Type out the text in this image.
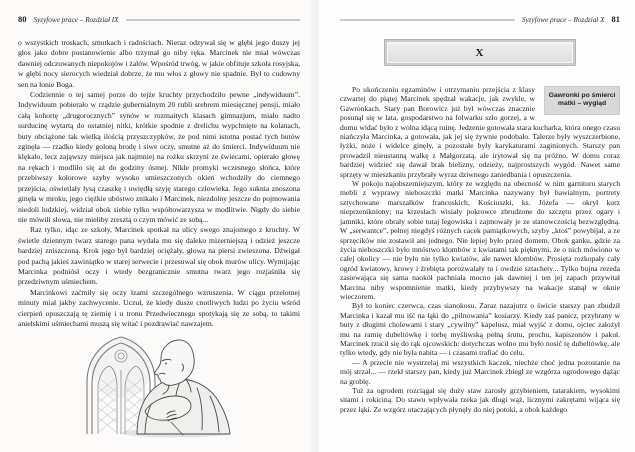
80 Syzyfowe prace – Rozdział IX

o wszystkich troskach, smutkach i radościach. Nieraz odzywał się w głębi jego duszy jej głos jako dobre postanowienie albo trzymał go niby ręka. Marcinek nie miał wówczas dawniej odczuwanych niepokojów i żalów. Wpośród trwóg, w jakie obfituje szkoła rosyjska, w głębi nocy sierocych wiedział dobrze, że mu włos z głowy nie spadnie. Był to cudowny sen na łonie Boga.

Codziennie o tej samej porze do tejże kruchty przychodziło pewne „indywiduum”. Indywiduum pobierało w rządzie gubernialnym 20 rubli srebrem miesięcznej pensji, miało całą kohortę „drugorocznych” synów w rozmaitych klasach gimnazjum, miało nadto surducinę wytartą do ostatniej nitki, krótkie spodnie z drelichu wypchnięte na kolanach, buty obciążone tak wielką ilością przyszczypków, że pod nimi istotna postać tych butów zginęła — rzadko kiedy goloną brodę i siwe oczy, smutne aż do śmierci. Indywiduum nie klękało, lecz zająwszy miejsca jak najmniej na rożku skrzyni ze świecami, opierało głowę na rękach i modliło się aż do godziny ósmej. Nikłe promyki wczesnego słońca, które przebiwszy kolorowe szyby wysoko umieszczonych okien wchodziły do ciemnego przejścia, oświetlały łysą czaszkę i uwiędłą szyję starego człowieka. Jego suknia znoszona ginęła w mroku, jego ciężkie ubóstwo znikało i Marcinek, niezdolny jeszcze do pojmowania niedoli ludzkiej, widział obok siebie tylko współtowarzysza w modlitwie. Nigdy do siebie nie mówili słowa, nie mieliby zresztą o czym mówić ze sobą...

Raz tylko, idąc ze szkoły, Marcinek spotkał na ulicy swego znajomego z kruchty. W świetle dziennym twarz starego pana wydała mu się daleko mizerniejszą i odzież jeszcze bardziej zniszczoną. Krok jego był bardziej ociężały, głowa na piersi zwieszona. Dźwigał pod pachą jakieś zawiniątko w starej serwecie i przesuwał się obok murów ulicy. Wymijając Marcinka podniósł oczy i wtedy bezgranicznie smutna twarz jego rozjaśniła się przedziwnym uśmiechem.

Marcinkowi zaćmiły się oczy łzami szczególnego wzruszenia. W ciągu przelotnej minuty miał jakby zachwycenie. Uczuł, że kiedy dusze cnotliwych ludzi po życiu wśród cierpień opuszczają tę ziemię i u tronu Przedwiecznego spotykają się ze sobą, to takimi anielskimi uśmiechami muszą się witać i pozdrawiać nawzajem.

Syzyfowe prace – Rozdział X 81
X
Gawronki po śmierci matki – wygląd

Po ukończeniu egzaminów i otrzymaniu przejścia z klasy czwartej do piątej Marcinek spędzał wakacje, jak zwykle, w Gawronkach. Stary pan Borowicz już był wówczas znacznie posunął się w lata, gospodarstwo na folwarku szło gorzej, a w domu widać było z wolna idącą ruinę. Jedzenie gotowała stara kucharka, która onego czasu niańczyła Marcinka, a gotowała, jak jej się żywnie podobało. Talerze były wyszczerbione, łyżki, noże i widelce ginęły, a pozostałe były karykaturami zaginionych. Starszy pan prowadził nieustanną walkę z Małgorzatą, ale irytował się na próżno. W domu coraz bardziej widzieć się dawał brak bielizny, odzieży, najprostszych wygód. Nawet same sprzęty w mieszkaniu przybrały wyraz dziwnego zaniedbania i opuszczenia.

W pokoju najobszerniejszym, który ze względu na obecność w nim garnituru starych mebli z wyprawy nieboszczki matki Marcinka nazywany był bawialnym, portrety sztychowane marszałków francuskich, Kościuszki, ks. Józefa — okrył kurz nieprzenikniony; na krzesłach wisiały pokrowce zbrudzone do szczętu przez ogary i jamniki, które obrały sobie tutaj legowiska i zajmowały je ze stanowczością bezwzględną. W „serwantce”, pełnej niegdyś różnych cacek pamiątkowych, szyby „ktoś” powybijał, a ze sprzęcików nie zostawił ani jednego. Nie lepiej było przed domem. Obok ganku, gdzie za życia nieboszczki było mnóstwo klombów z kwiatami tak pięknymi, że o nich mówiono w całej okolicy — nie było nie tylko kwiatów, ale nawet klombów. Prosięta rozkopały cały ogród kwiatowy, krowy i źrebięta porozwalały tu i owdzie sztachety... Tylko bujna rezeda zasiewająca się sama naokół pachniała mocno jak dawniej i ten jej zapach przywitał Marcina niby wspomnienie matki, kiedy przybywszy na wakacje stanął w oknie wieczorem.

Był to koniec czerwca, czas sianokosu. Zaraz nazajutrz o świcie starszy pan zbudził Marcinka i kazał mu iść na łąki do „pilnowania” kosiarzy. Kiedy zaś panicz, przybrany w buty z długimi cholewami i stary „cywilny” kapelusz, miał wyjść z domu, ojciec założył mu na ramię dubeltówkę i torbę myśliwską pełną śrutu, prochu, kapiszonów i pakuł. Marcinek rzucił się do rąk ojcowskich: dotychczas wolno mu było nosić tę dubeltówkę, ale tylko wtedy, gdy nie była nabita — i czasami trafiać do celu.

— A przecie nie wystrzelaj mi wszystkich kaczek, niechże choć jedna pozostanie na mój strzał... — rzekł starszy pan, kiedy już Marcinek zbiegł ze wzgórza ogrodowego dążąc na groblę.

Tuż za ogrodem rozciągał się duży staw zarosły grzybieniem, tatarakiem, wysokimi sitami i rokiciną. Do stawu wpływała rzeka jak długi wąż, licznymi zakrętami wijąca się przez łąki. Ze wzgórz otaczających płynęły do niej potoki, a obok każdego
